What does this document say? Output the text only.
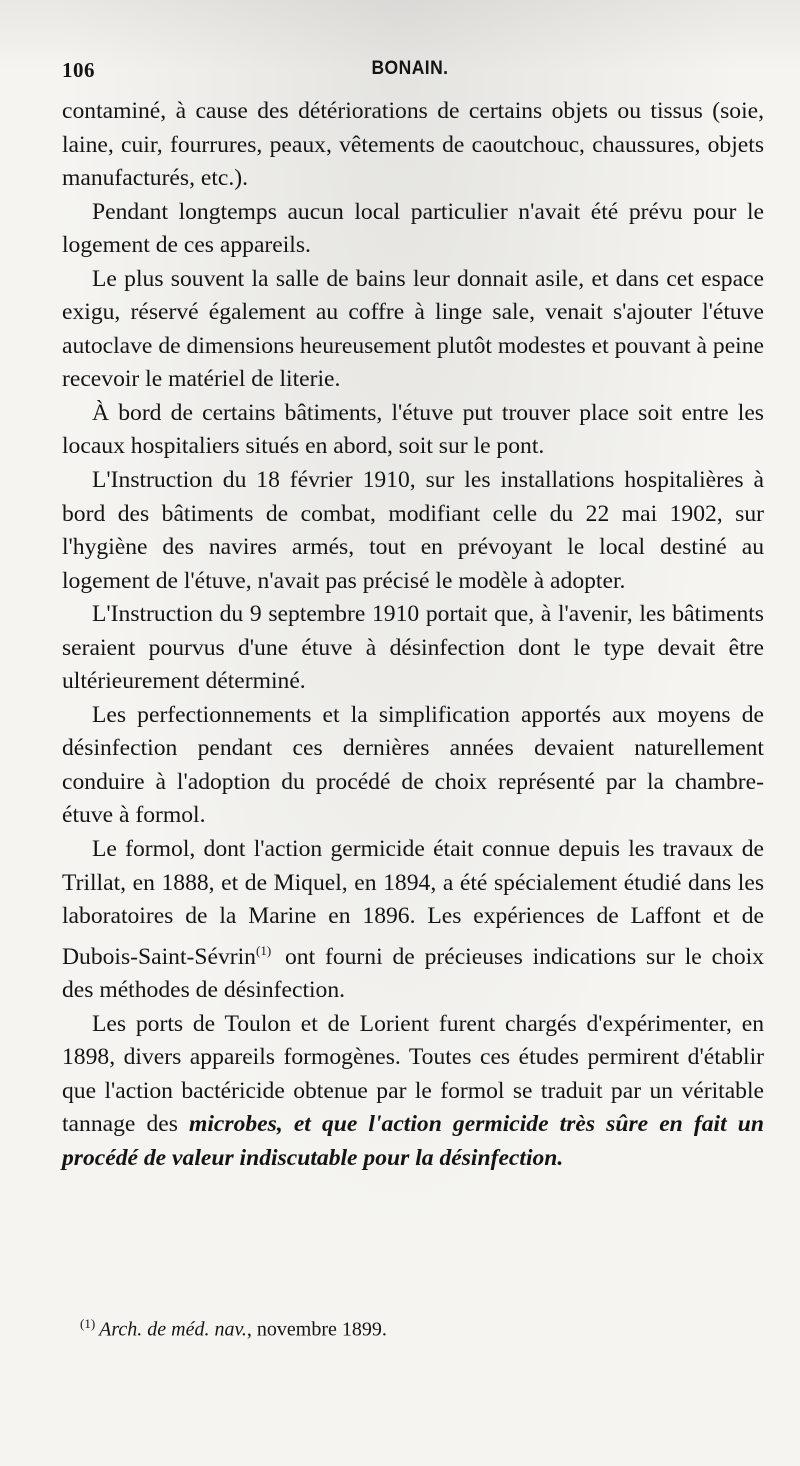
106	BONAIN.

contaminé, à cause des détériorations de certains objets ou tissus (soie, laine, cuir, fourrures, peaux, vêtements de caoutchouc, chaussures, objets manufacturés, etc.).

Pendant longtemps aucun local particulier n'avait été prévu pour le logement de ces appareils.

Le plus souvent la salle de bains leur donnait asile, et dans cet espace exigu, réservé également au coffre à linge sale, venait s'ajouter l'étuve autoclave de dimensions heureusement plutôt modestes et pouvant à peine recevoir le matériel de literie.

À bord de certains bâtiments, l'étuve put trouver place soit entre les locaux hospitaliers situés en abord, soit sur le pont.

L'Instruction du 18 février 1910, sur les installations hospitalières à bord des bâtiments de combat, modifiant celle du 22 mai 1902, sur l'hygiène des navires armés, tout en prévoyant le local destiné au logement de l'étuve, n'avait pas précisé le modèle à adopter.

L'Instruction du 9 septembre 1910 portait que, à l'avenir, les bâtiments seraient pourvus d'une étuve à désinfection dont le type devait être ultérieurement déterminé.

Les perfectionnements et la simplification apportés aux moyens de désinfection pendant ces dernières années devaient naturellement conduire à l'adoption du procédé de choix représenté par la chambre-étuve à formol.

Le formol, dont l'action germicide était connue depuis les travaux de Trillat, en 1888, et de Miquel, en 1894, a été spécialement étudié dans les laboratoires de la Marine en 1896. Les expériences de Laffont et de Dubois-Saint-Sévrin$^{(1)}$ ont fourni de précieuses indications sur le choix des méthodes de désinfection.

Les ports de Toulon et de Lorient furent chargés d'expérimenter, en 1898, divers appareils formogènes. Toutes ces études permirent d'établir que l'action bactéricide obtenue par le formol se traduit par un véritable tannage des microbes, et que l'action germicide très sûre en fait un procédé de valeur indiscutable pour la désinfection.

$^{(1)}$ Arch. de méd. nav., novembre 1899.
